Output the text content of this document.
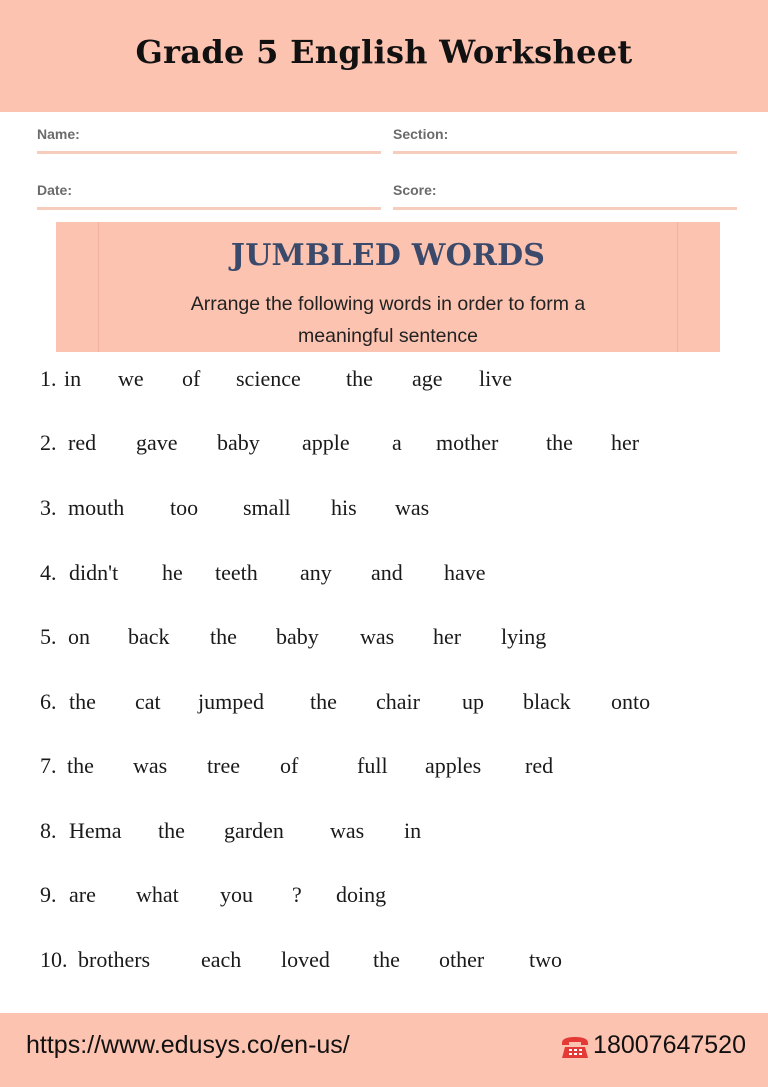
Grade 5 English Worksheet
Name:	Section:
Date:	Score:
JUMBLED WORDS

Arrange the following words in order to form a meaningful sentence

1. in we of science the age live
2. red gave baby apple a mother the her
3. mouth too small his was
4. didn't he teeth any and have
5. on back the baby was her lying
6. the cat jumped the chair up black onto
7. the was tree of	full apples red
8. Hema the garden was in
9. are what you ? doing
10. brothers each loved the other two
https://www.edusys.co/en-us/	18007647520
